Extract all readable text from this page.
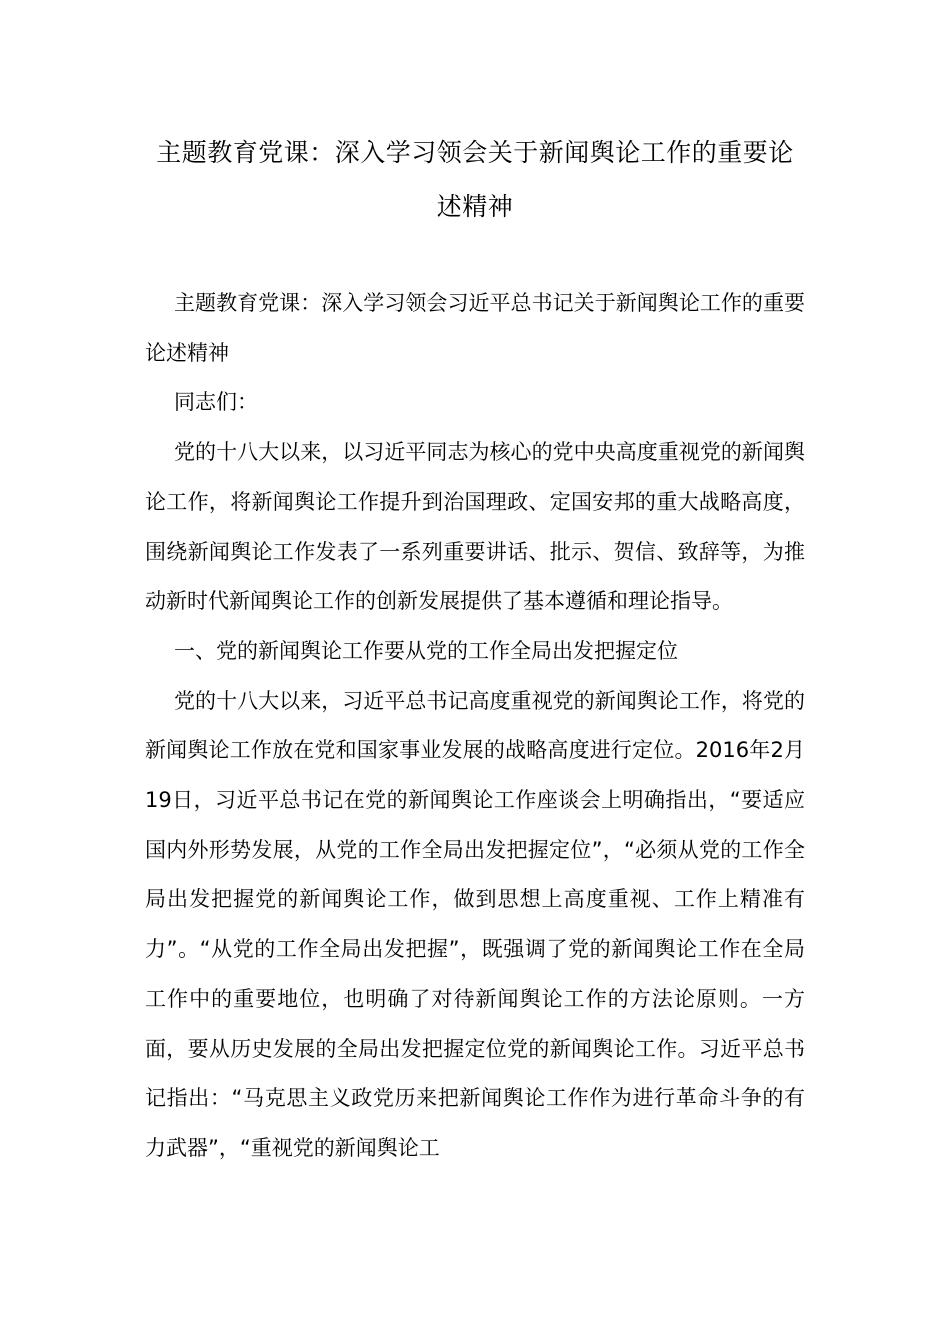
主题教育党课：深入学习领会关于新闻舆论工作的重要论述精神

主题教育党课：深入学习领会习近平总书记关于新闻舆论工作的重要论述精神

同志们：

党的十八大以来，以习近平同志为核心的党中央高度重视党的新闻舆论工作，将新闻舆论工作提升到治国理政、定国安邦的重大战略高度，围绕新闻舆论工作发表了一系列重要讲话、批示、贺信、致辞等，为推动新时代新闻舆论工作的创新发展提供了基本遵循和理论指导。

一、党的新闻舆论工作要从党的工作全局出发把握定位

党的十八大以来，习近平总书记高度重视党的新闻舆论工作，将党的新闻舆论工作放在党和国家事业发展的战略高度进行定位。2016年2月19日，习近平总书记在党的新闻舆论工作座谈会上明确指出，“要适应国内外形势发展，从党的工作全局出发把握定位”，“必须从党的工作全局出发把握党的新闻舆论工作，做到思想上高度重视、工作上精准有力”。“从党的工作全局出发把握”，既强调了党的新闻舆论工作在全局工作中的重要地位，也明确了对待新闻舆论工作的方法论原则。一方面，要从历史发展的全局出发把握定位党的新闻舆论工作。习近平总书记指出：“马克思主义政党历来把新闻舆论工作作为进行革命斗争的有力武器”，“重视党的新闻舆论工
